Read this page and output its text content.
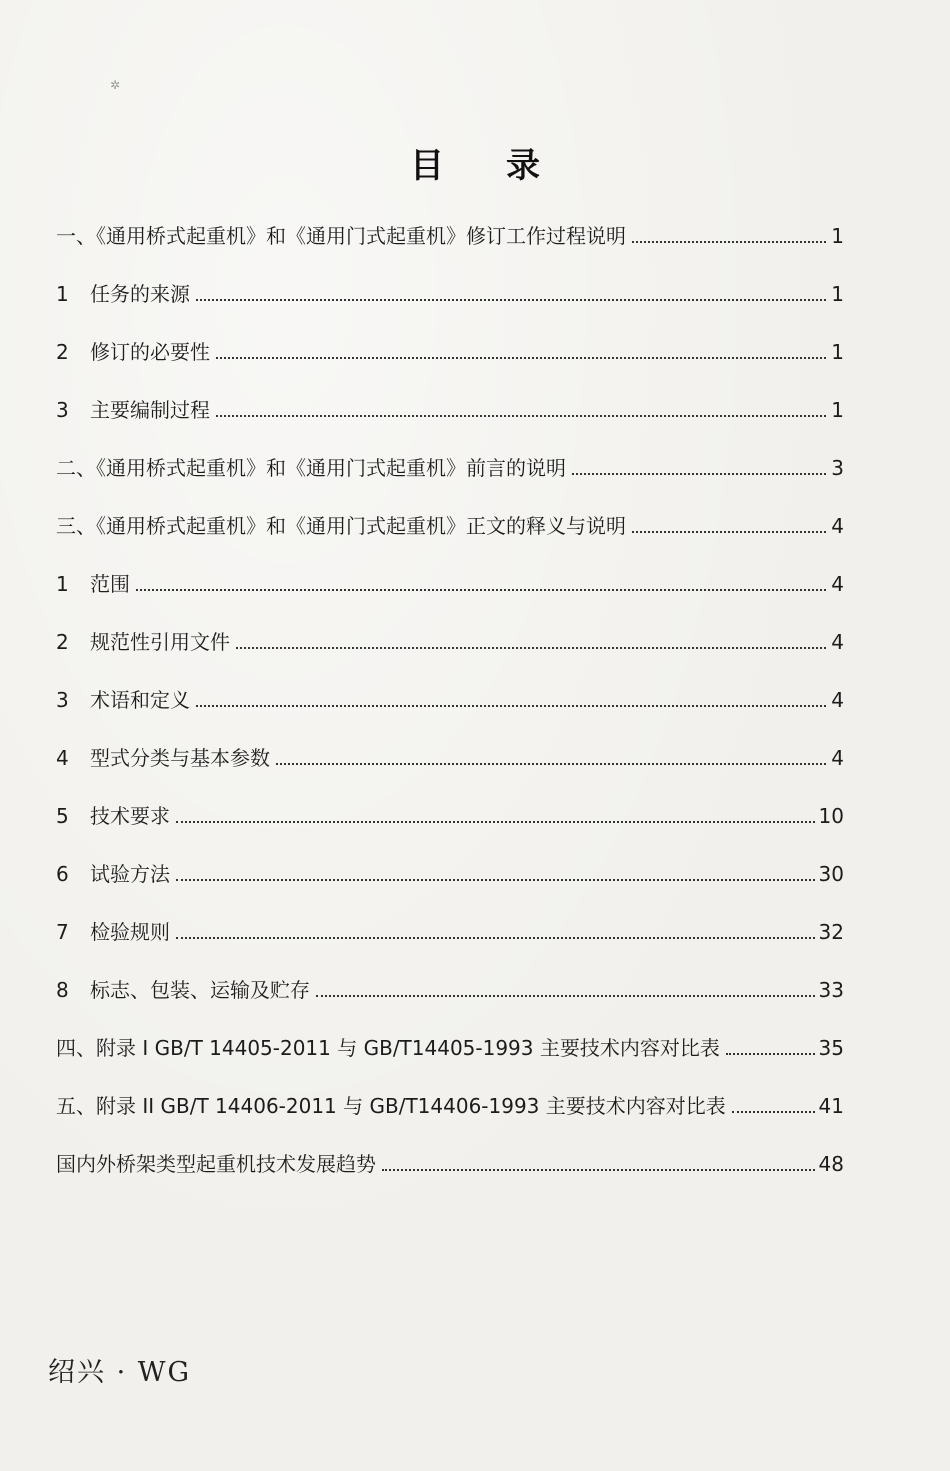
✲
目录
一、《通用桥式起重机》和《通用门式起重机》修订工作过程说明	1
1	任务的来源	1
2	修订的必要性	1
3	主要编制过程	1
二、《通用桥式起重机》和《通用门式起重机》前言的说明	3
三、《通用桥式起重机》和《通用门式起重机》正文的释义与说明	4
1	范围	4
2	规范性引用文件	4
3	术语和定义	4
4	型式分类与基本参数	4
5	技术要求	10
6	试验方法	30
7	检验规则	32
8	标志、包装、运输及贮存	33
四、附录 I GB/T 14405-2011 与 GB/T14405-1993 主要技术内容对比表	35
五、附录 II GB/T 14406-2011 与 GB/T14406-1993 主要技术内容对比表	41
国内外桥架类型起重机技术发展趋势	48
绍兴 · WG
